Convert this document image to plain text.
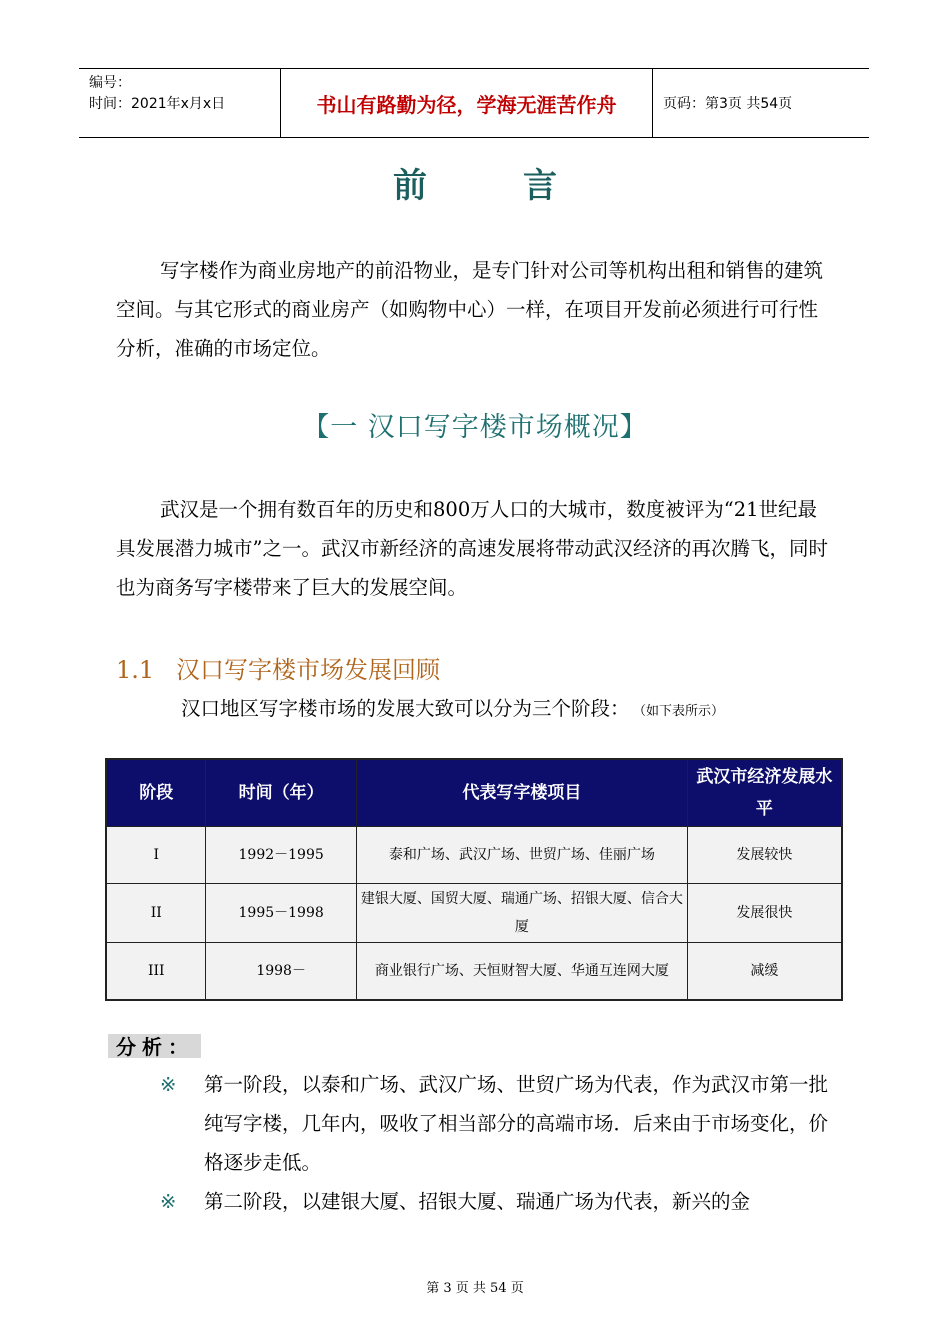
编号：
时间：2021年x月x日	书山有路勤为径，学海无涯苦作舟	页码：第3页 共54页
前言
写字楼作为商业房地产的前沿物业，是专门针对公司等机构出租和销售的建筑空间。与其它形式的商业房产（如购物中心）一样，在项目开发前必须进行可行性分析，准确的市场定位。
【一 汉口写字楼市场概况】
武汉是一个拥有数百年的历史和800万人口的大城市，数度被评为“21世纪最具发展潜力城市”之一。武汉市新经济的高速发展将带动武汉经济的再次腾飞，同时也为商务写字楼带来了巨大的发展空间。
1.1 汉口写字楼市场发展回顾
汉口地区写字楼市场的发展大致可以分为三个阶段： （如下表所示）
阶段	时间（年）	代表写字楼项目	武汉市经济发展水平
I	1992－1995	泰和广场、武汉广场、世贸广场、佳丽广场	发展较快
II	1995－1998	建银大厦、国贸大厦、瑞通广场、招银大厦、信合大厦	发展很快
III	1998－	商业银行广场、天恒财智大厦、华通互连网大厦	减缓
分析：
※ 第一阶段，以泰和广场、武汉广场、世贸广场为代表，作为武汉市第一批纯写字楼，几年内，吸收了相当部分的高端市场．后来由于市场变化，价格逐步走低。
※ 第二阶段，以建银大厦、招银大厦、瑞通广场为代表，新兴的金
第 3 页 共 54 页
